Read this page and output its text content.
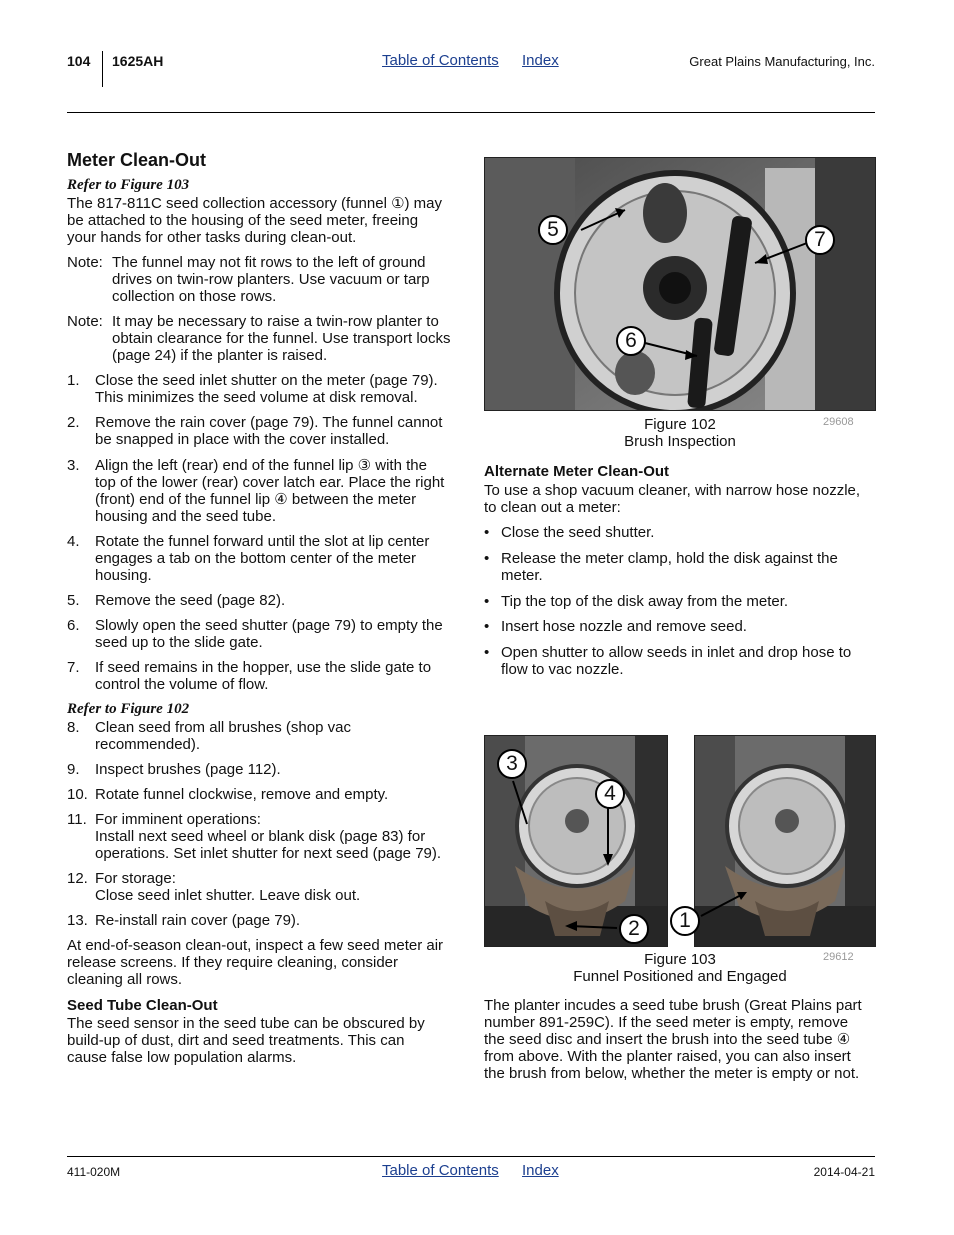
104 1625AH	Table of Contents Index	Great Plains Manufacturing, Inc.
Meter Clean-Out
Refer to Figure 103
The 817-811C seed collection accessory (funnel ①) may
be attached to the housing of the seed meter, freeing
your hands for other tasks during clean-out.
Note: The funnel may not fit rows to the left of ground
drives on twin-row planters. Use vacuum or tarp
collection on those rows.
Note: It may be necessary to raise a twin-row planter to
obtain clearance for the funnel. Use transport locks
(page 24) if the planter is raised.
1. Close the seed inlet shutter on the meter (page 79).
This minimizes the seed volume at disk removal.
2. Remove the rain cover (page 79). The funnel cannot
be snapped in place with the cover installed.
3. Align the left (rear) end of the funnel lip ③ with the
top of the lower (rear) cover latch ear. Place the right
(front) end of the funnel lip ④ between the meter
housing and the seed tube.
4. Rotate the funnel forward until the slot at lip center
engages a tab on the bottom center of the meter
housing.
5. Remove the seed (page 82).
6. Slowly open the seed shutter (page 79) to empty the
seed up to the slide gate.
7. If seed remains in the hopper, use the slide gate to
control the volume of flow.
Refer to Figure 102
8. Clean seed from all brushes (shop vac
recommended).
9. Inspect brushes (page 112).
10. Rotate funnel clockwise, remove and empty.
11. For imminent operations:
Install next seed wheel or blank disk (page 83) for
operations. Set inlet shutter for next seed (page 79).
12. For storage:
Close seed inlet shutter. Leave disk out.
13. Re-install rain cover (page 79).
At end-of-season clean-out, inspect a few seed meter air
release screens. If they require cleaning, consider
cleaning all rows.
Seed Tube Clean-Out
The seed sensor in the seed tube can be obscured by
build-up of dust, dirt and seed treatments. This can
cause false low population alarms.
5	7
6
Figure 102
Brush Inspection
29608
Alternate Meter Clean-Out
To use a shop vacuum cleaner, with narrow hose nozzle,
to clean out a meter:
• Close the seed shutter.
• Release the meter clamp, hold the disk against the
meter.
• Tip the top of the disk away from the meter.
• Insert hose nozzle and remove seed.
• Open shutter to allow seeds in inlet and drop hose to
flow to vac nozzle.
3
4
2	1
Figure 103
Funnel Positioned and Engaged
29612
The planter incudes a seed tube brush (Great Plains part
number 891-259C). If the seed meter is empty, remove
the seed disc and insert the brush into the seed tube ④
from above. With the planter raised, you can also insert
the brush from below, whether the meter is empty or not.
411-020M	Table of Contents Index	2014-04-21
